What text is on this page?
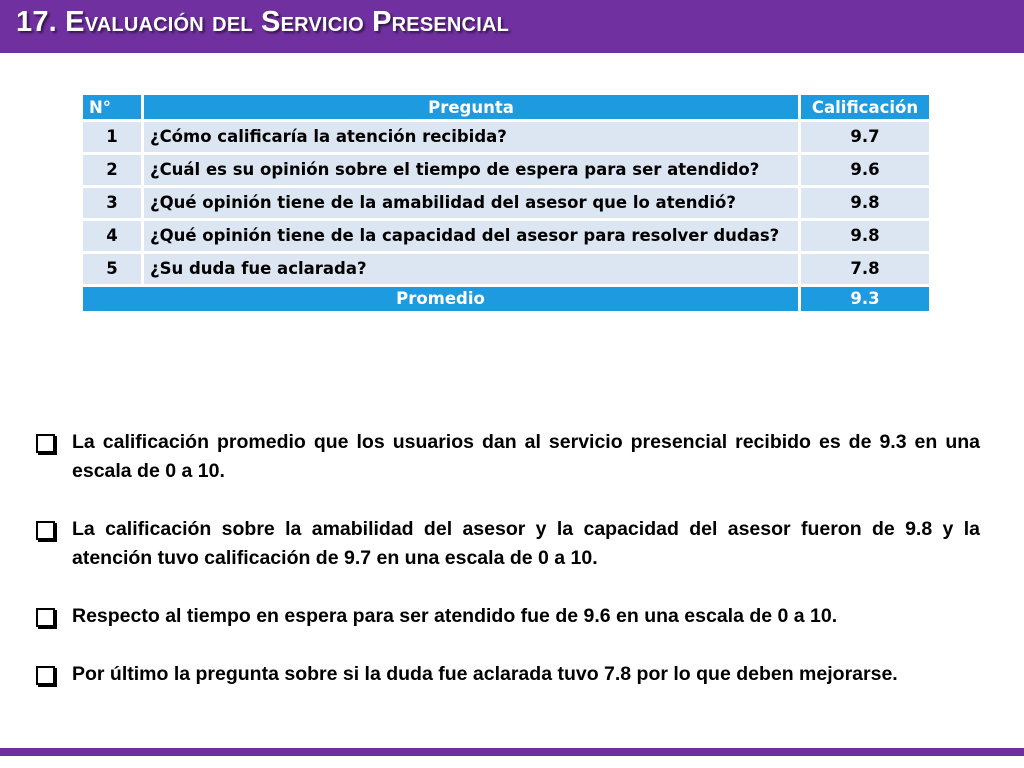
17. Evaluación del Servicio Presencial
N°	Pregunta	Calificación
1	¿Cómo calificaría la atención recibida?	9.7
2	¿Cuál es su opinión sobre el tiempo de espera para ser atendido?	9.6
3	¿Qué opinión tiene de la amabilidad del asesor que lo atendió?	9.8
4	¿Qué opinión tiene de la capacidad del asesor para resolver dudas?	9.8
5	¿Su duda fue aclarada?	7.8
Promedio		9.3
La calificación promedio que los usuarios dan al servicio presencial recibido es de 9.3 en una escala de 0 a 10.
La calificación sobre la amabilidad del asesor y la capacidad del asesor fueron de 9.8 y la atención tuvo calificación de 9.7 en una escala de 0 a 10.
Respecto al tiempo en espera para ser atendido fue de 9.6 en una escala de 0 a 10.
Por último la pregunta sobre si la duda fue aclarada tuvo 7.8 por lo que deben mejorarse.
